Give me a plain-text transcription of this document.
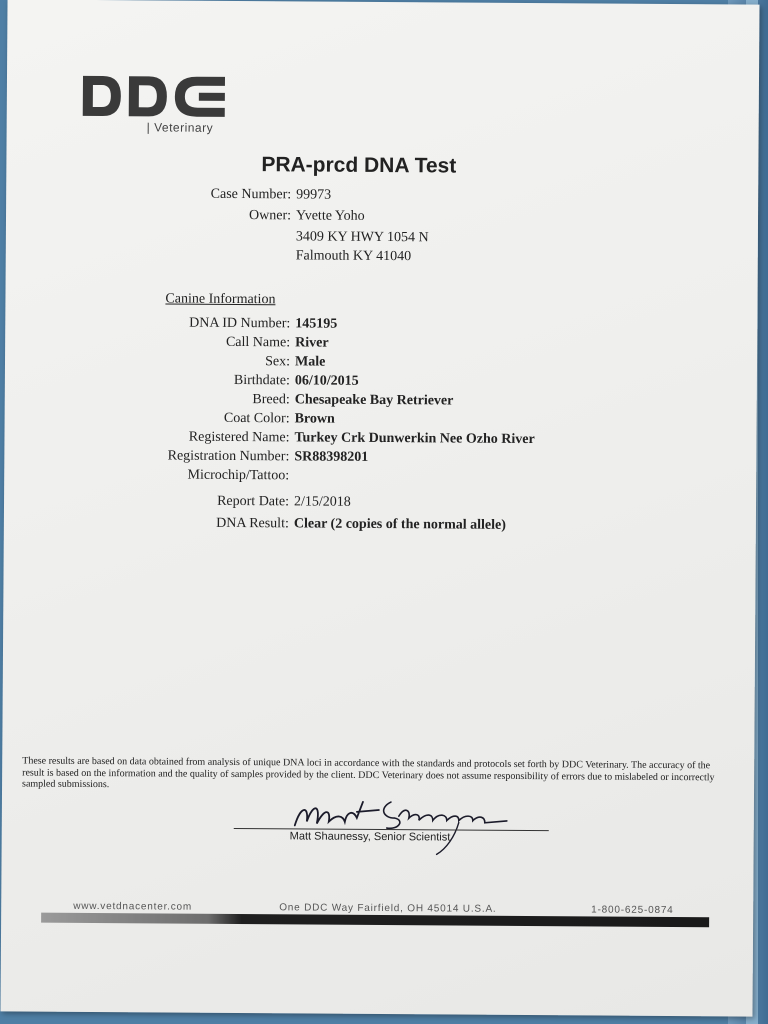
| Veterinary
PRA-prcd DNA Test
Case Number: 99973
Owner: Yvette Yoho
3409 KY HWY 1054 N
Falmouth KY 41040
Canine Information
DNA ID Number: 145195
Call Name: River
Sex: Male
Birthdate: 06/10/2015
Breed: Chesapeake Bay Retriever
Coat Color: Brown
Registered Name: Turkey Crk Dunwerkin Nee Ozho River
Registration Number: SR88398201
Microchip/Tattoo:
Report Date: 2/15/2018
DNA Result: Clear (2 copies of the normal allele)
These results are based on data obtained from analysis of unique DNA loci in accordance with the standards and protocols set forth by DDC Veterinary. The accuracy of the result is based on the information and the quality of samples provided by the client. DDC Veterinary does not assume responsibility of errors due to mislabeled or incorrectly sampled submissions.
Matt Shaunessy, Senior Scientist
www.vetdnacenter.com	One DDC Way Fairfield, OH 45014 U.S.A.	1-800-625-0874
